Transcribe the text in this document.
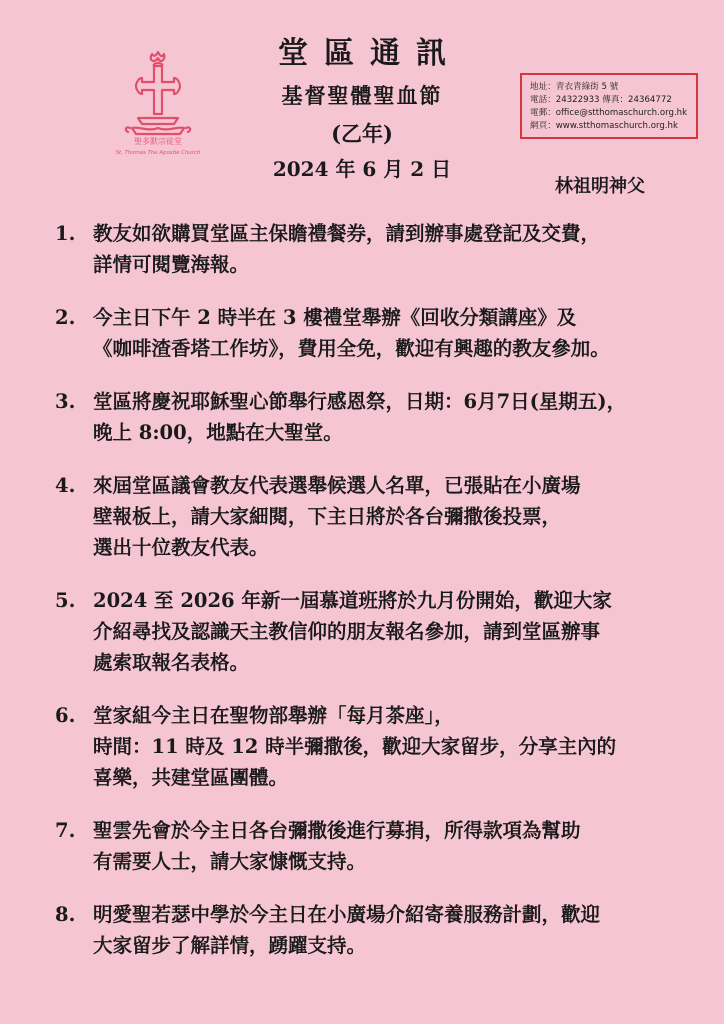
聖多默宗徒堂
St. Thomas The Apostle Church
堂區通訊
基督聖體聖血節
(乙年)
2024 年 6 月 2 日
林祖明神父
地址：青衣青綠街 5 號
電話：24322933 傳真：24364772
電郵：office@stthomaschurch.org.hk
網頁：www.stthomaschurch.org.hk
1. 教友如欲購買堂區主保瞻禮餐券，請到辦事處登記及交費，
詳情可閱覽海報。
2. 今主日下午 2 時半在 3 樓禮堂舉辦《回收分類講座》及
《咖啡渣香塔工作坊》，費用全免，歡迎有興趣的教友參加。
3. 堂區將慶祝耶穌聖心節舉行感恩祭，日期：6月7日(星期五)，
晚上 8:00，地點在大聖堂。
4. 來屆堂區議會教友代表選舉候選人名單，已張貼在小廣場
壁報板上，請大家細閱，下主日將於各台彌撒後投票，
選出十位教友代表。
5. 2024 至 2026 年新一屆慕道班將於九月份開始，歡迎大家
介紹尋找及認識天主教信仰的朋友報名參加，請到堂區辦事
處索取報名表格。
6. 堂家組今主日在聖物部舉辦「每月茶座」，
時間：11 時及 12 時半彌撒後，歡迎大家留步，分享主內的
喜樂，共建堂區團體。
7. 聖雲先會於今主日各台彌撒後進行募捐，所得款項為幫助
有需要人士，請大家慷慨支持。
8. 明愛聖若瑟中學於今主日在小廣場介紹寄養服務計劃，歡迎
大家留步了解詳情，踴躍支持。
